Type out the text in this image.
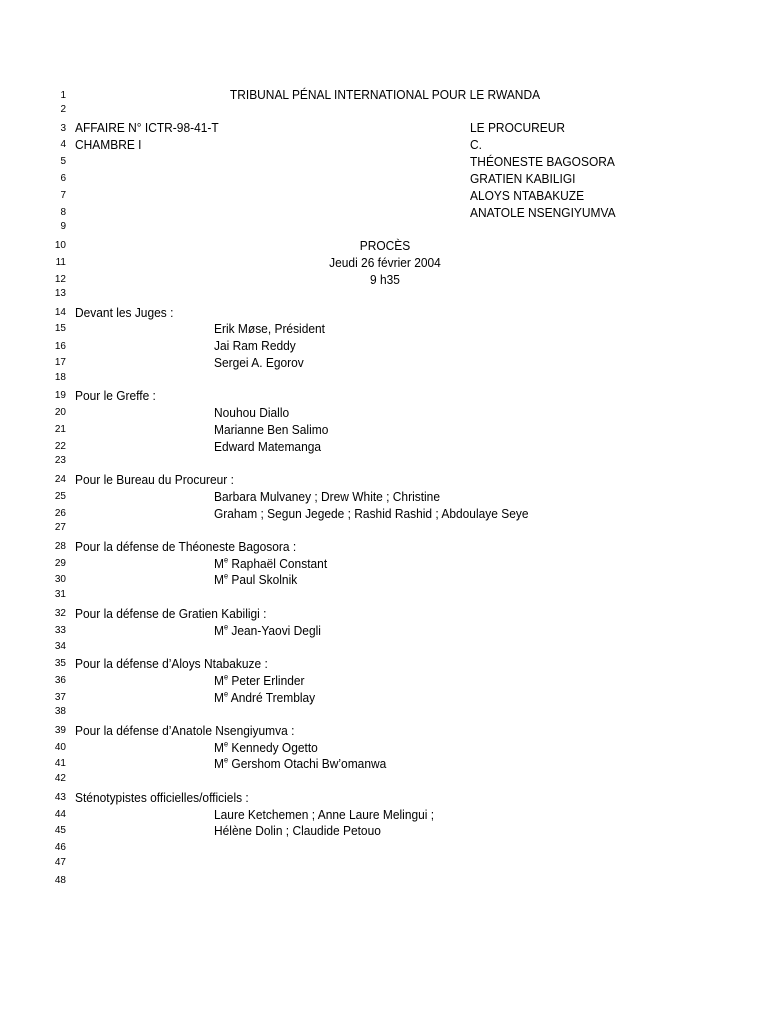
1
2
3
4
5
6
7
8
9
10
11
12
13
14
15
16
17
18
19
20
21
22
23
24
25
26
27
28
29
30
31
32
33
34
35
36
37
38
39
40
41
42
43
44
45
46
47
48
TRIBUNAL PÉNAL INTERNATIONAL POUR LE RWANDA
AFFAIRE N° ICTR-98-41-T
CHAMBRE I
LE PROCUREUR
C.
THÉONESTE BAGOSORA
GRATIEN KABILIGI
ALOYS NTABAKUZE
ANATOLE NSENGIYUMVA
PROCÈS
Jeudi 26 février 2004
9 h35
Devant les Juges :
Erik Møse, Président
Jai Ram Reddy
Sergei A. Egorov
Pour le Greffe :
Nouhou Diallo
Marianne Ben Salimo
Edward Matemanga
Pour le Bureau du Procureur :
Barbara Mulvaney ; Drew White ; Christine
Graham ; Segun Jegede ; Rashid Rashid ; Abdoulaye Seye
Pour la défense de Théoneste Bagosora :
Me Raphaël Constant
Me Paul Skolnik
Pour la défense de Gratien Kabiligi :
Me Jean-Yaovi Degli
Pour la défense d’Aloys Ntabakuze :
Me Peter Erlinder
Me André Tremblay
Pour la défense d’Anatole Nsengiyumva :
Me Kennedy Ogetto
Me Gershom Otachi Bw’omanwa
Sténotypistes officielles/officiels :
Laure Ketchemen ; Anne Laure Melingui ;
Hélène Dolin ; Claudide Petouo
